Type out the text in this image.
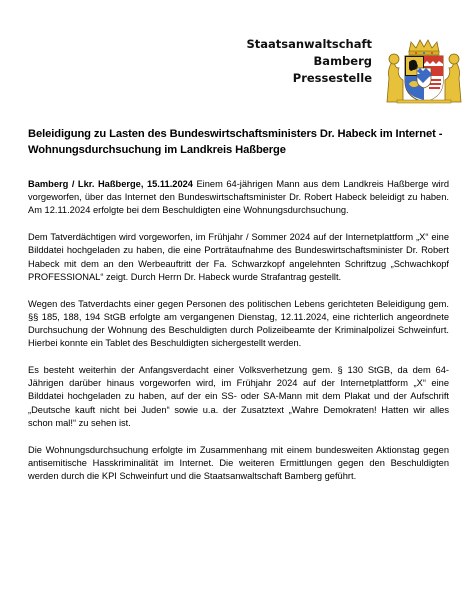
Staatsanwaltschaft
Bamberg
Pressestelle
Beleidigung zu Lasten des Bundeswirtschaftsministers Dr. Habeck im Internet - Wohnungsdurchsuchung im Landkreis Haßberge

Bamberg / Lkr. Haßberge, 15.11.2024 Einem 64-jährigen Mann aus dem Landkreis Haßberge wird vorgeworfen, über das Internet den Bundeswirtschaftsminister Dr. Robert Habeck beleidigt zu haben. Am 12.11.2024 erfolgte bei dem Beschuldigten eine Wohnungsdurchsuchung.

Dem Tatverdächtigen wird vorgeworfen, im Frühjahr / Sommer 2024 auf der Internetplattform „X“ eine Bilddatei hochgeladen zu haben, die eine Porträtaufnahme des Bundeswirtschaftsminister Dr. Robert Habeck mit dem an den Werbeauftritt der Fa. Schwarzkopf angelehnten Schriftzug „Schwachkopf PROFESSIONAL“ zeigt. Durch Herrn Dr. Habeck wurde Strafantrag gestellt.

Wegen des Tatverdachts einer gegen Personen des politischen Lebens gerichteten Beleidigung gem. §§ 185, 188, 194 StGB erfolgte am vergangenen Dienstag, 12.11.2024, eine richterlich angeordnete Durchsuchung der Wohnung des Beschuldigten durch Polizeibeamte der Kriminalpolizei Schweinfurt. Hierbei konnte ein Tablet des Beschuldigten sichergestellt werden.

Es besteht weiterhin der Anfangsverdacht einer Volksverhetzung gem. § 130 StGB, da dem 64-Jährigen darüber hinaus vorgeworfen wird, im Frühjahr 2024 auf der Internetplattform „X“ eine Bilddatei hochgeladen zu haben, auf der ein SS- oder SA-Mann mit dem Plakat und der Aufschrift „Deutsche kauft nicht bei Juden“ sowie u.a. der Zusatztext „Wahre Demokraten! Hatten wir alles schon mal!“ zu sehen ist.

Die Wohnungsdurchsuchung erfolgte im Zusammenhang mit einem bundesweiten Aktionstag gegen antisemitische Hasskriminalität im Internet. Die weiteren Ermittlungen gegen den Beschuldigten werden durch die KPI Schweinfurt und die Staatsanwaltschaft Bamberg geführt.
